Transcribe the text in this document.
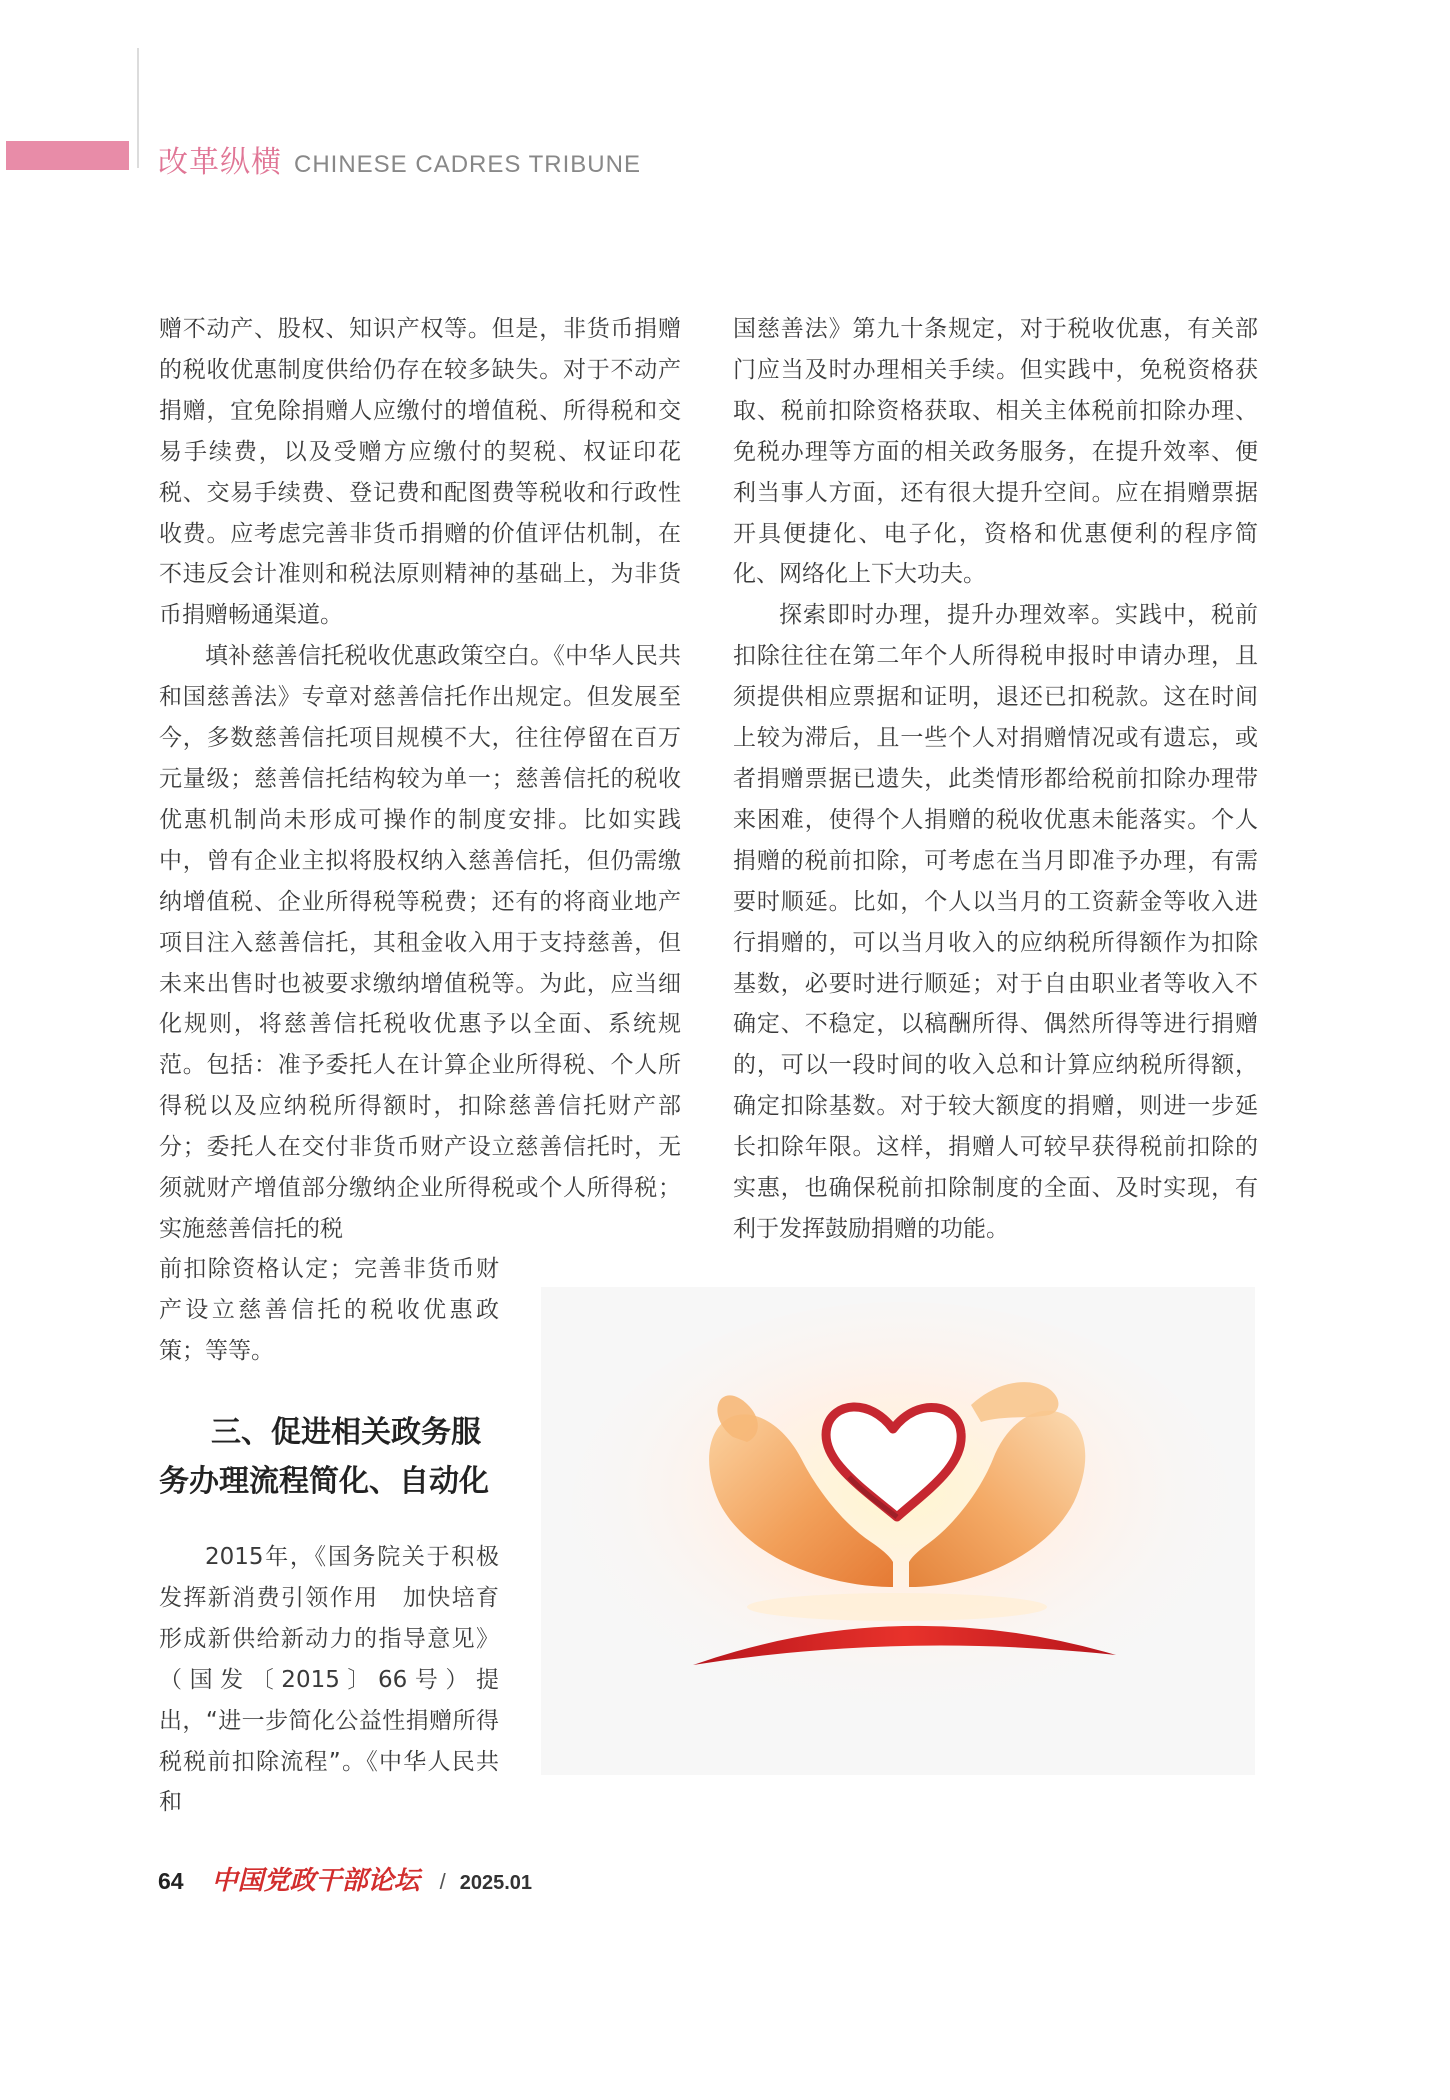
改革纵横 CHINESE CADRES TRIBUNE

赠不动产、股权、知识产权等。但是，非货币捐赠的税收优惠制度供给仍存在较多缺失。对于不动产捐赠，宜免除捐赠人应缴付的增值税、所得税和交易手续费，以及受赠方应缴付的契税、权证印花税、交易手续费、登记费和配图费等税收和行政性收费。应考虑完善非货币捐赠的价值评估机制，在不违反会计准则和税法原则精神的基础上，为非货币捐赠畅通渠道。

填补慈善信托税收优惠政策空白。《中华人民共和国慈善法》专章对慈善信托作出规定。但发展至今，多数慈善信托项目规模不大，往往停留在百万元量级；慈善信托结构较为单一；慈善信托的税收优惠机制尚未形成可操作的制度安排。比如实践中，曾有企业主拟将股权纳入慈善信托，但仍需缴纳增值税、企业所得税等税费；还有的将商业地产项目注入慈善信托，其租金收入用于支持慈善，但未来出售时也被要求缴纳增值税等。为此，应当细化规则，将慈善信托税收优惠予以全面、系统规范。包括：准予委托人在计算企业所得税、个人所得税以及应纳税所得额时，扣除慈善信托财产部分；委托人在交付非货币财产设立慈善信托时，无须就财产增值部分缴纳企业所得税或个人所得税；实施慈善信托的税

前扣除资格认定；完善非货币财产设立慈善信托的税收优惠政策；等等。

三、促进相关政务服
务办理流程简化、自动化

2015年，《国务院关于积极发挥新消费引领作用　加快培育形成新供给新动力的指导意见》（国发〔2015〕66号）提出，“进一步简化公益性捐赠所得税税前扣除流程”。《中华人民共和

国慈善法》第九十条规定，对于税收优惠，有关部门应当及时办理相关手续。但实践中，免税资格获取、税前扣除资格获取、相关主体税前扣除办理、免税办理等方面的相关政务服务，在提升效率、便利当事人方面，还有很大提升空间。应在捐赠票据开具便捷化、电子化，资格和优惠便利的程序简化、网络化上下大功夫。

探索即时办理，提升办理效率。实践中，税前扣除往往在第二年个人所得税申报时申请办理，且须提供相应票据和证明，退还已扣税款。这在时间上较为滞后，且一些个人对捐赠情况或有遗忘，或者捐赠票据已遗失，此类情形都给税前扣除办理带来困难，使得个人捐赠的税收优惠未能落实。个人捐赠的税前扣除，可考虑在当月即准予办理，有需要时顺延。比如，个人以当月的工资薪金等收入进行捐赠的，可以当月收入的应纳税所得额作为扣除基数，必要时进行顺延；对于自由职业者等收入不确定、不稳定，以稿酬所得、偶然所得等进行捐赠的，可以一段时间的收入总和计算应纳税所得额，确定扣除基数。对于较大额度的捐赠，则进一步延长扣除年限。这样，捐赠人可较早获得税前扣除的实惠，也确保税前扣除制度的全面、及时实现，有利于发挥鼓励捐赠的功能。

64 中国党政干部论坛 / 2025.01
